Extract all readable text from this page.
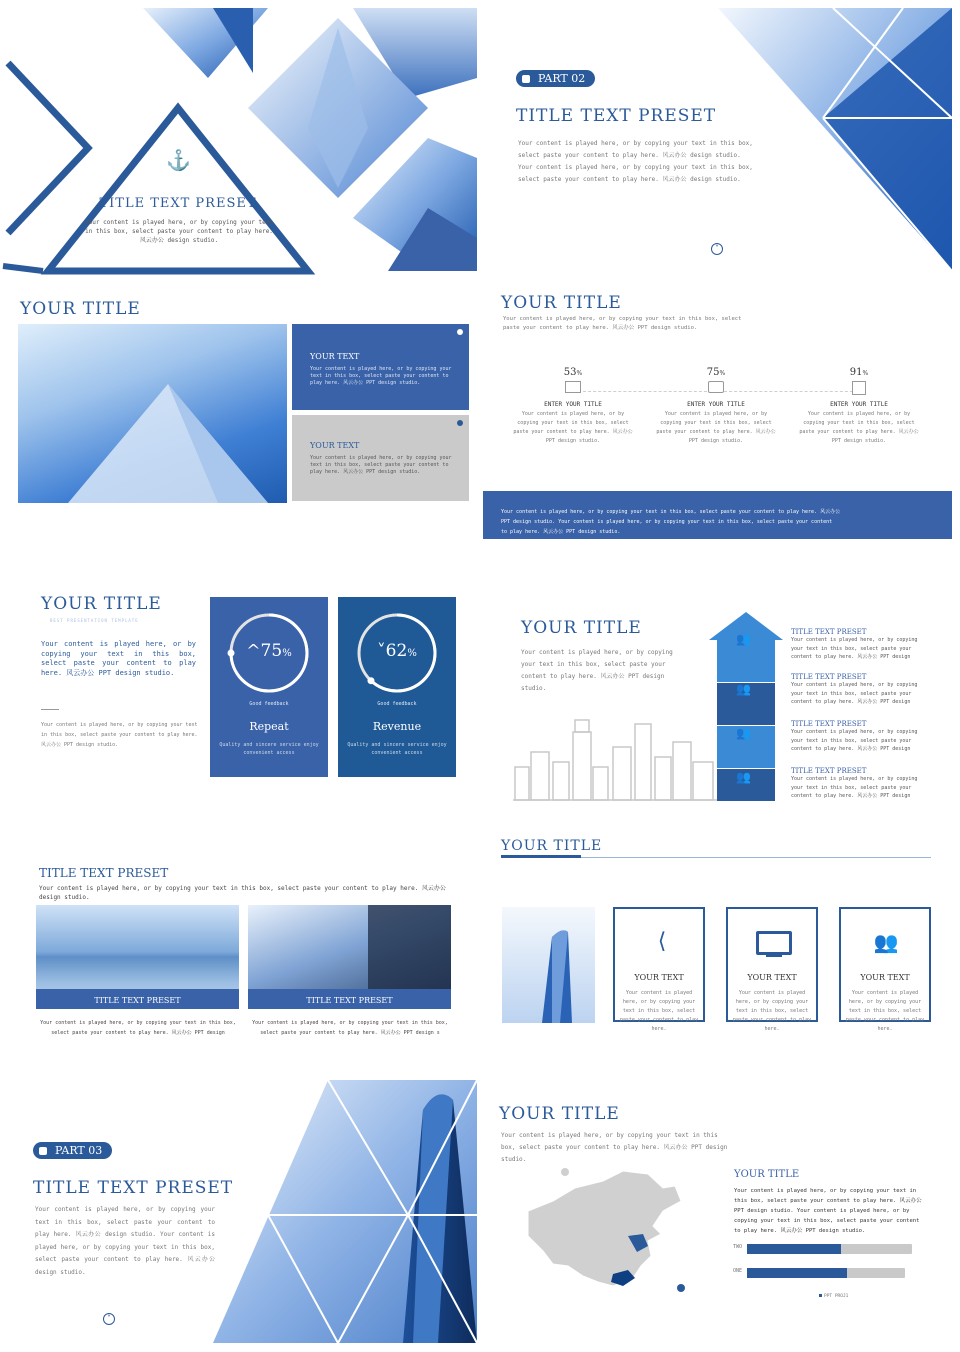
⚓
TITLE TEXT PRESET
Your content is played here, or by copying your text in this box, select paste your content to play here. 风云办公 design studio.
PART 02
TITLE TEXT PRESET
Your content is played here, or by copying your text in this box, select paste your content to play here. 风云办公 design studio. Your content is played here, or by copying your text in this box, select paste your content to play here. 风云办公 design studio.
˅
YOUR TITLE
YOUR TEXT
Your content is played here, or by copying your text in this box, select paste your content to play here. 风云办公 PPT design studio.
YOUR TEXT
Your content is played here, or by copying your text in this box, select paste your content to play here. 风云办公 PPT design studio.
YOUR TITLE
Your content is played here, or by copying your text in this box, select paste your content to play here. 风云办公 PPT design studio.
53%
ENTER YOUR TITLE
Your content is played here, or by copying your text in this box, select paste your content to play here. 风云办公 PPT design studio.
75%
ENTER YOUR TITLE
Your content is played here, or by copying your text in this box, select paste your content to play here. 风云办公 PPT design studio.
91%
ENTER YOUR TITLE
Your content is played here, or by copying your text in this box, select paste your content to play here. 风云办公 PPT design studio.
Your content is played here, or by copying your text in this box, select paste your content to play here. 风云办公 PPT design studio. Your content is played here, or by copying your text in this box, select paste your content to play here. 风云办公 PPT design studio.
YOUR TITLE
BEST PRESENTATION TEMPLATE
Your content is played here, or by copying your text in this box, select paste your content to play here. 风云办公 PPT design studio.
Your content is played here, or by copying your text in this box, select paste your content to play here. 风云办公 PPT design studio.
^75%
Good feedback
Repeat
Quality and sincere service enjoy convenient access
˅62%
Good feedback
Revenue
Quality and sincere service enjoy convenient access
YOUR TITLE
Your content is played here, or by copying your text in this box, select paste your content to play here. 风云办公 PPT design studio.
👥
👥
👥
👥
TITLE TEXT PRESET
Your content is played here, or by copying your text in this box, select paste your content to play here. 风云办公 PPT design
TITLE TEXT PRESET
Your content is played here, or by copying your text in this box, select paste your content to play here. 风云办公 PPT design
TITLE TEXT PRESET
Your content is played here, or by copying your text in this box, select paste your content to play here. 风云办公 PPT design
TITLE TEXT PRESET
Your content is played here, or by copying your text in this box, select paste your content to play here. 风云办公 PPT design
TITLE TEXT PRESET
Your content is played here, or by copying your text in this box, select paste your content to play here. 风云办公 design studio.
TITLE TEXT PRESET	TITLE TEXT PRESET
Your content is played here, or by copying your text in this box, select paste your content to play here. 风云办公 PPT design
Your content is played here, or by copying your text in this box, select paste your content to play here. 风云办公 PPT design s
YOUR TITLE
⟨
YOUR TEXT
Your content is played here, or by copying your text in this box, select paste your content to play here.
YOUR TEXT
Your content is played here, or by copying your text in this box, select paste your content to play here.
👥
YOUR TEXT
Your content is played here, or by copying your text in this box, select paste your content to play here.
PART 03
TITLE TEXT PRESET
Your content is played here, or by copying your text in this box, select paste your content to play here. 风云办公 design studio. Your content is played here, or by copying your text in this box, select paste your content to play here. 风云办公 design studio.
˅
YOUR TITLE
Your content is played here, or by copying your text in this box, select paste your content to play here. 风云办公 PPT design studio.
YOUR TITLE
Your content is played here, or by copying your text in this box, select paste your content to play here. 风云办公 PPT design studio. Your content is played here, or by copying your text in this box, select paste your content to play here. 风云办公 PPT design studio.
TWO
ONE
PPT PROJ1
